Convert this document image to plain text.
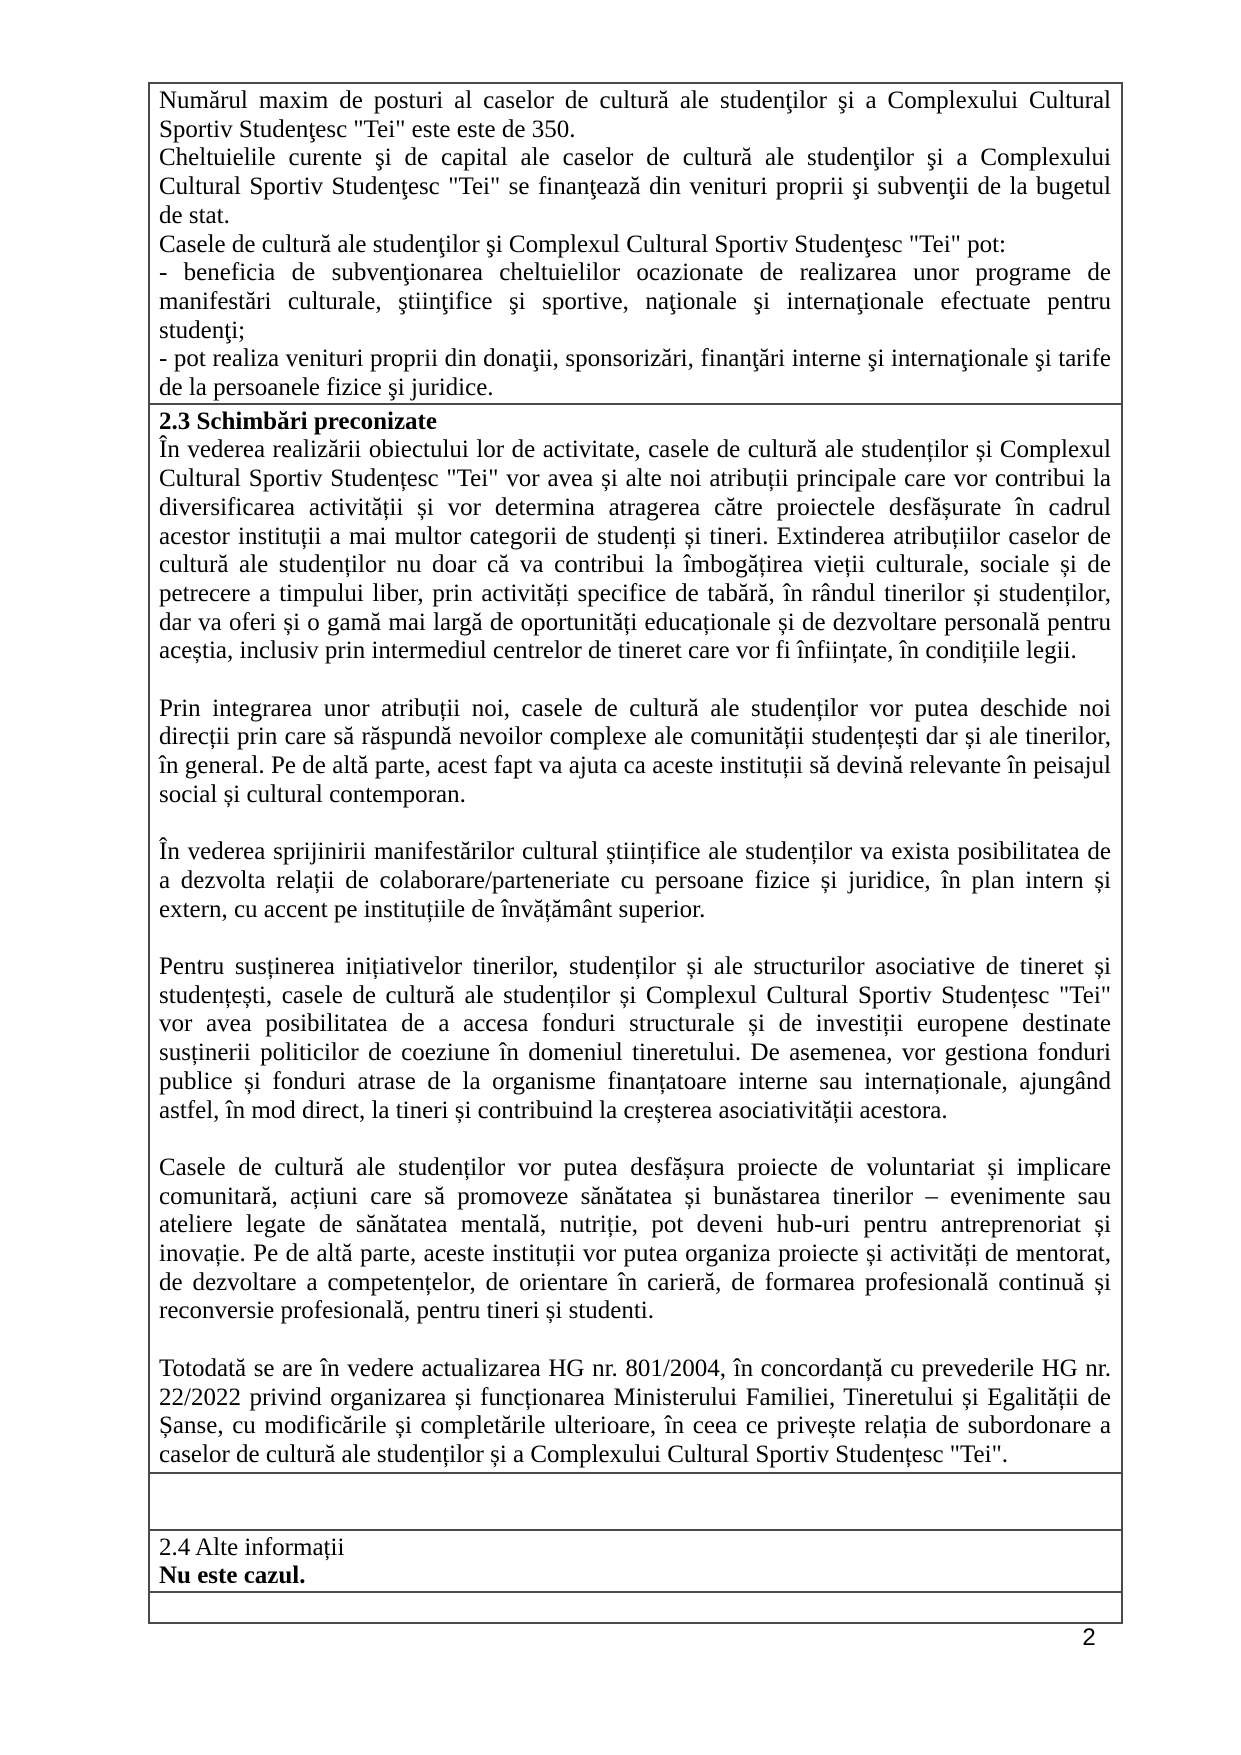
Numărul maxim de posturi al caselor de cultură ale studenţilor şi a Complexului Cultural Sportiv Studenţesc "Tei" este este de 350.

Cheltuielile curente şi de capital ale caselor de cultură ale studenţilor şi a Complexului Cultural Sportiv Studenţesc "Tei" se finanţează din venituri proprii şi subvenţii de la bugetul de stat.

Casele de cultură ale studenţilor şi Complexul Cultural Sportiv Studenţesc "Tei" pot:

- beneficia de subvenţionarea cheltuielilor ocazionate de realizarea unor programe de manifestări culturale, ştiinţifice şi sportive, naţionale şi internaţionale efectuate pentru studenţi;

- pot realiza venituri proprii din donaţii, sponsorizări, finanţări interne şi internaţionale şi tarife de la persoanele fizice şi juridice.

2.3 Schimbări preconizate

În vederea realizării obiectului lor de activitate, casele de cultură ale studenților și Complexul Cultural Sportiv Studențesc "Tei" vor avea și alte noi atribuții principale care vor contribui la diversificarea activității și vor determina atragerea către proiectele desfășurate în cadrul acestor instituții a mai multor categorii de studenți și tineri. Extinderea atribuțiilor caselor de cultură ale studenților nu doar că va contribui la îmbogățirea vieții culturale, sociale și de petrecere a timpului liber, prin activități specifice de tabără, în rândul tinerilor și studenților, dar va oferi și o gamă mai largă de oportunități educaționale și de dezvoltare personală pentru aceștia, inclusiv prin intermediul centrelor de tineret care vor fi înființate, în condițiile legii.

Prin integrarea unor atribuții noi, casele de cultură ale studenților vor putea deschide noi direcții prin care să răspundă nevoilor complexe ale comunității studențești dar și ale tinerilor, în general. Pe de altă parte, acest fapt va ajuta ca aceste instituții să devină relevante în peisajul social și cultural contemporan.

În vederea sprijinirii manifestărilor cultural științifice ale studenților va exista posibilitatea de a dezvolta relații de colaborare/parteneriate cu persoane fizice și juridice, în plan intern și extern, cu accent pe instituțiile de învățământ superior.

Pentru susținerea inițiativelor tinerilor, studenților și ale structurilor asociative de tineret și studențești, casele de cultură ale studenților și Complexul Cultural Sportiv Studențesc "Tei" vor avea posibilitatea de a accesa fonduri structurale și de investiții europene destinate susținerii politicilor de coeziune în domeniul tineretului. De asemenea, vor gestiona fonduri publice și fonduri atrase de la organisme finanțatoare interne sau internaționale, ajungând astfel, în mod direct, la tineri și contribuind la creșterea asociativității acestora.

Casele de cultură ale studenților vor putea desfășura proiecte de voluntariat și implicare comunitară, acțiuni care să promoveze sănătatea și bunăstarea tinerilor – evenimente sau ateliere legate de sănătatea mentală, nutriție, pot deveni hub-uri pentru antreprenoriat și inovație. Pe de altă parte, aceste instituții vor putea organiza proiecte și activități de mentorat, de dezvoltare a competențelor, de orientare în carieră, de formarea profesională continuă și reconversie profesională, pentru tineri și studenti.

Totodată se are în vedere actualizarea HG nr. 801/2004, în concordanță cu prevederile HG nr. 22/2022 privind organizarea și funcționarea Ministerului Familiei, Tineretului și Egalității de Șanse, cu modificările și completările ulterioare, în ceea ce privește relația de subordonare a caselor de cultură ale studenților și a Complexului Cultural Sportiv Studențesc "Tei".

2.4 Alte informații

Nu este cazul.

2
